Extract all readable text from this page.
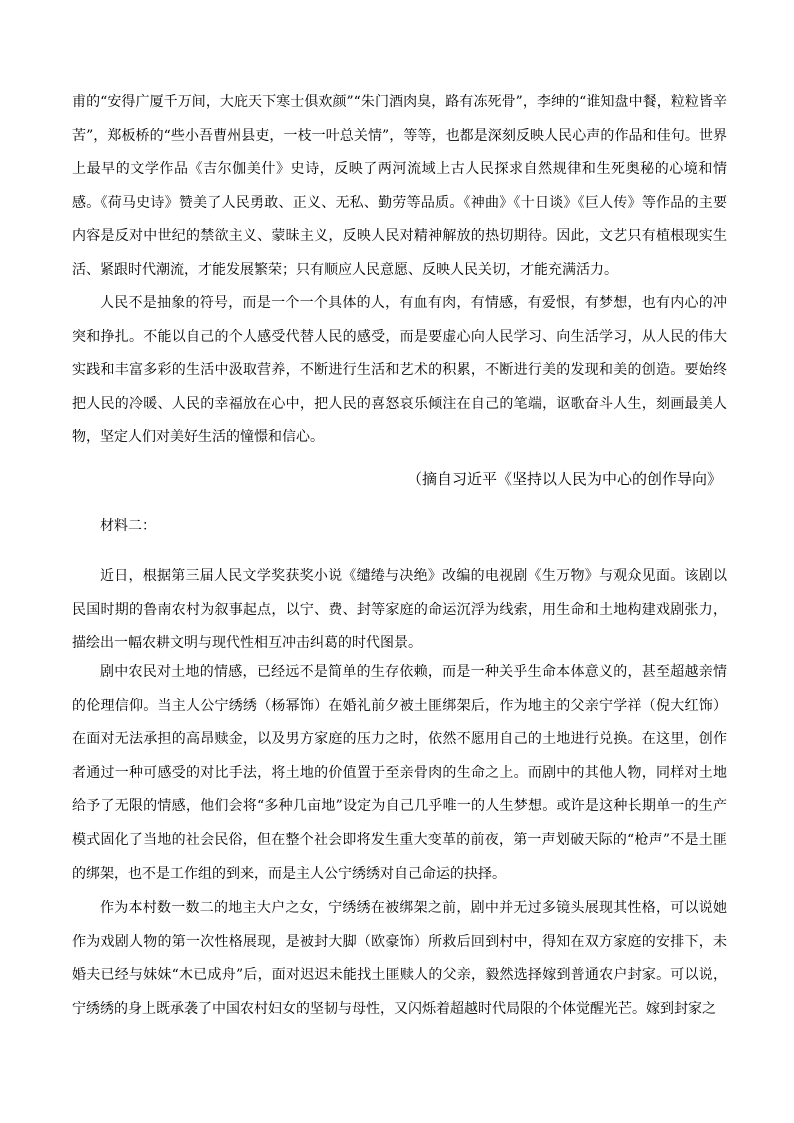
甫的“安得广厦千万间，大庇天下寒士俱欢颜”“朱门酒肉臭，路有冻死骨”，李绅的“谁知盘中餐，粒粒皆辛苦”，郑板桥的“些小吾曹州县吏，一枝一叶总关情”，等等，也都是深刻反映人民心声的作品和佳句。世界上最早的文学作品《吉尔伽美什》史诗，反映了两河流域上古人民探求自然规律和生死奥秘的心境和情感。《荷马史诗》赞美了人民勇敢、正义、无私、勤劳等品质。《神曲》《十日谈》《巨人传》等作品的主要内容是反对中世纪的禁欲主义、蒙昧主义，反映人民对精神解放的热切期待。因此，文艺只有植根现实生活、紧跟时代潮流，才能发展繁荣；只有顺应人民意愿、反映人民关切，才能充满活力。

人民不是抽象的符号，而是一个一个具体的人，有血有肉，有情感，有爱恨，有梦想，也有内心的冲突和挣扎。不能以自己的个人感受代替人民的感受，而是要虚心向人民学习、向生活学习，从人民的伟大实践和丰富多彩的生活中汲取营养，不断进行生活和艺术的积累，不断进行美的发现和美的创造。要始终把人民的冷暖、人民的幸福放在心中，把人民的喜怒哀乐倾注在自己的笔端，讴歌奋斗人生，刻画最美人物，坚定人们对美好生活的憧憬和信心。

（摘自习近平《坚持以人民为中心的创作导向》

材料二：

近日，根据第三届人民文学奖获奖小说《缱绻与决绝》改编的电视剧《生万物》与观众见面。该剧以民国时期的鲁南农村为叙事起点，以宁、费、封等家庭的命运沉浮为线索，用生命和土地构建戏剧张力，描绘出一幅农耕文明与现代性相互冲击纠葛的时代图景。

剧中农民对土地的情感，已经远不是简单的生存依赖，而是一种关乎生命本体意义的，甚至超越亲情的伦理信仰。当主人公宁绣绣（杨幂饰）在婚礼前夕被土匪绑架后，作为地主的父亲宁学祥（倪大红饰）在面对无法承担的高昂赎金，以及男方家庭的压力之时，依然不愿用自己的土地进行兑换。在这里，创作者通过一种可感受的对比手法，将土地的价值置于至亲骨肉的生命之上。而剧中的其他人物，同样对土地给予了无限的情感，他们会将“多种几亩地”设定为自己几乎唯一的人生梦想。或许是这种长期单一的生产模式固化了当地的社会民俗，但在整个社会即将发生重大变革的前夜，第一声划破天际的“枪声”不是土匪的绑架，也不是工作组的到来，而是主人公宁绣绣对自己命运的抉择。

作为本村数一数二的地主大户之女，宁绣绣在被绑架之前，剧中并无过多镜头展现其性格，可以说她作为戏剧人物的第一次性格展现，是被封大脚（欧豪饰）所救后回到村中，得知在双方家庭的安排下，未婚夫已经与妹妹“木已成舟”后，面对迟迟未能找土匪赎人的父亲，毅然选择嫁到普通农户封家。可以说，宁绣绣的身上既承袭了中国农村妇女的坚韧与母性，又闪烁着超越时代局限的个体觉醒光芒。嫁到封家之
